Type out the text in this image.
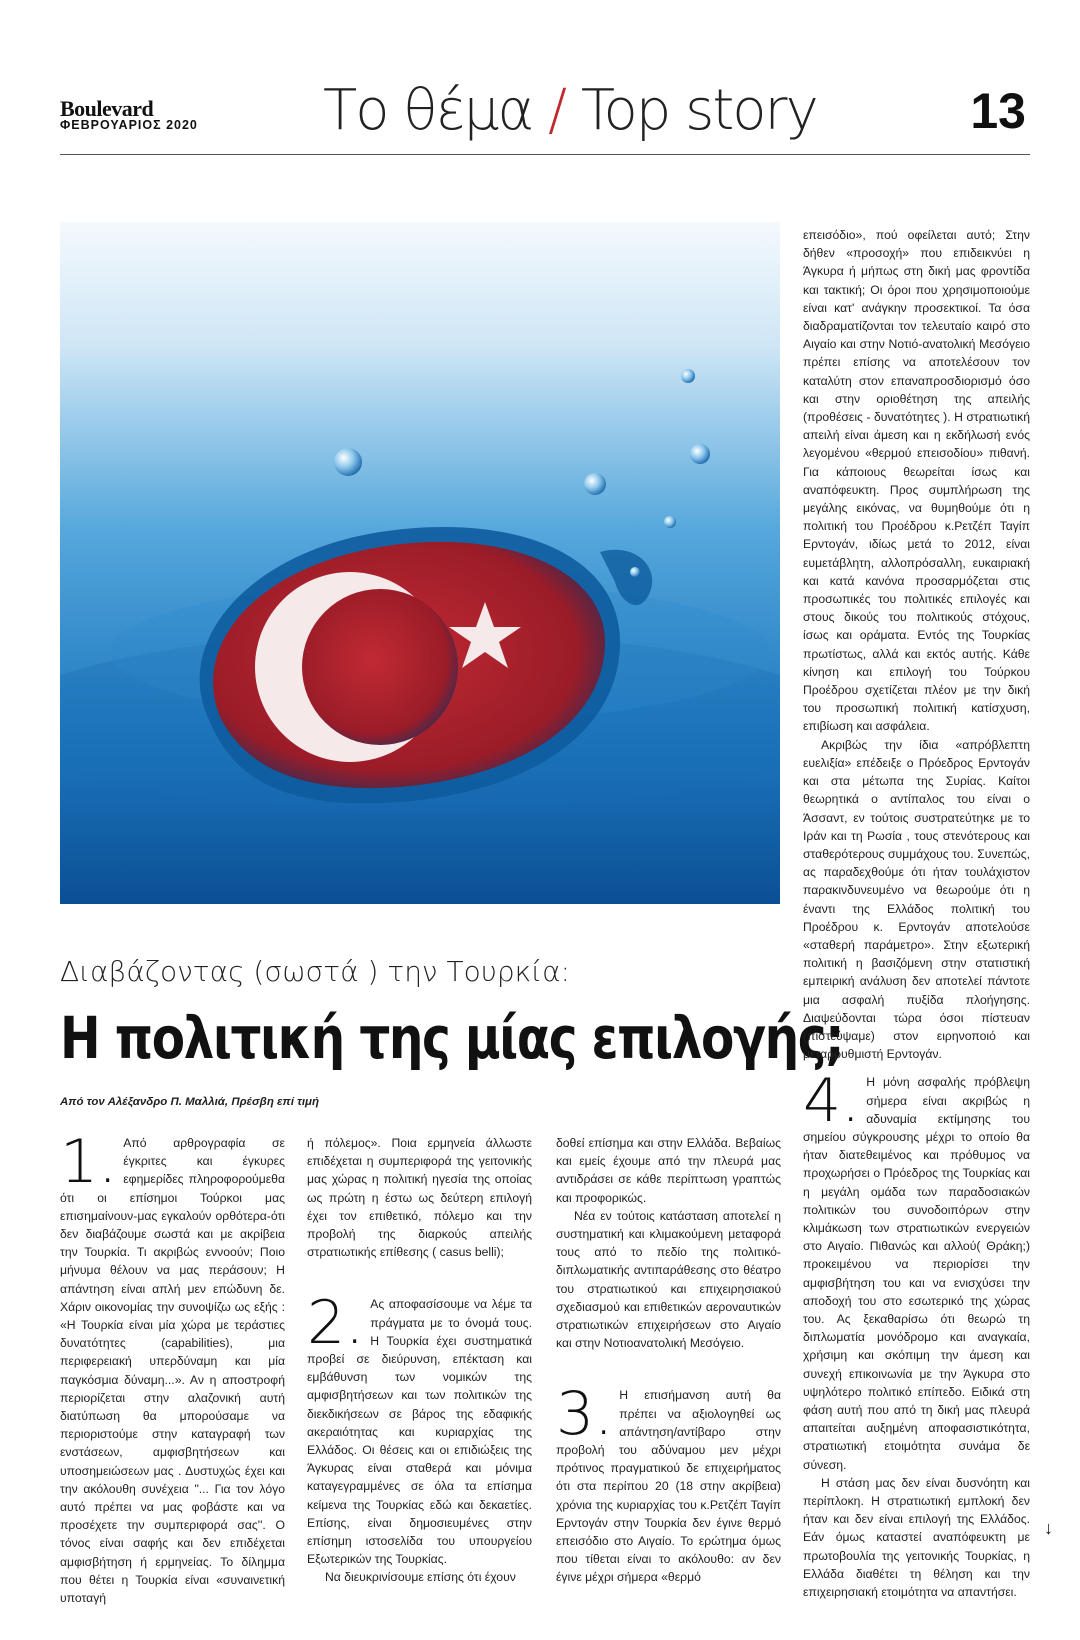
Boulevard
ΦΕΒΡΟΥΑΡΙΟΣ 2020 Το θέμα / Top story	13
Διαβάζοντας (σωστά ) την Τουρκία:
Η πολιτική της μίας επιλογής;
Από τον Αλέξανδρο Π. Μαλλιά, Πρέσβη επί τιμή
1. Από αρθρογραφία σε έγκριτες και έγκυρες εφημερίδες πληροφορούμεθα ότι οι επίσημοι Τούρκοι μας επισημαίνουν-μας εγκαλούν ορθότερα-ότι δεν διαβάζουμε σωστά και με ακρίβεια την Τουρκία. Τι ακριβώς εννοούν; Ποιο μήνυμα θέλουν να μας περάσουν; Η απάντηση είναι απλή μεν επώδυνη δε. Χάριν οικονομίας την συνοψίζω ως εξής : «Η Τουρκία είναι μία χώρα με τεράστιες δυνατότητες (capabilities), μια περιφερειακή υπερδύναμη και μία παγκόσμια δύναμη...». Αν η αποστροφή περιορίζεται στην αλαζονική αυτή διατύπωση θα μπορούσαμε να περιοριστούμε στην καταγραφή των ενστάσεων, αμφισβητήσεων και υποσημειώσεων μας . Δυστυχώς έχει και την ακόλουθη συνέχεια "... Για τον λόγο αυτό πρέπει να μας φοβάστε και να προσέχετε την συμπεριφορά σας''. Ο τόνος είναι σαφής και δεν επιδέχεται αμφισβήτηση ή ερμηνείας. Το δίλημμα που θέτει η Τουρκία είναι «συναινετική υποταγή

ή πόλεμος». Ποια ερμηνεία άλλωστε επιδέχεται η συμπεριφορά της γειτονικής μας χώρας η πολιτική ηγεσία της οποίας ως πρώτη η έστω ως δεύτερη επιλογή έχει τον επιθετικό, πόλεμο και την προβολή της διαρκούς απειλής στρατιωτικής επίθεσης ( casus belli);

2. Ας αποφασίσουμε να λέμε τα πράγματα με το όνομά τους. Η Τουρκία έχει συστηματικά προβεί σε διεύρυνση, επέκταση και εμβάθυνση των νομικών της αμφισβητήσεων και των πολιτικών της διεκδικήσεων σε βάρος της εδαφικής ακεραιότητας και κυριαρχίας της Ελλάδος. Οι θέσεις και οι επιδιώξεις της Άγκυρας είναι σταθερά και μόνιμα καταγεγραμμένες σε όλα τα επίσημα κείμενα της Τουρκίας εδώ και δεκαετίες. Επίσης, είναι δημοσιευμένες στην επίσημη ιστοσελίδα του υπουργείου Εξωτερικών της Τουρκίας.

Να διευκρινίσουμε επίσης ότι έχουν

δοθεί επίσημα και στην Ελλάδα. Βεβαίως και εμείς έχουμε από την πλευρά μας αντιδράσει σε κάθε περίπτωση γραπτώς και προφορικώς.

Νέα εν τούτοις κατάσταση αποτελεί η συστηματική και κλιμακούμενη μεταφορά τους από το πεδίο της πολιτικό-διπλωματικής αντιπαράθεσης στο θέατρο του στρατιωτικού και επιχειρησιακού σχεδιασμού και επιθετικών αεροναυτικών στρατιωτικών επιχειρήσεων στο Αιγαίο και στην Νοτιοανατολική Μεσόγειο.

3. Η επισήμανση αυτή θα πρέπει να αξιολογηθεί ως απάντηση/αντίβαρο στην προβολή του αδύναμου μεν μέχρι πρότινος πραγματικού δε επιχειρήματος ότι στα περίπου 20 (18 στην ακρίβεια) χρόνια της κυριαρχίας του κ.Ρετζέπ Ταγίπ Ερντογάν στην Τουρκία δεν έγινε θερμό επεισόδιο στο Αιγαίο. Το ερώτημα όμως που τίθεται είναι το ακόλουθο: αν δεν έγινε μέχρι σήμερα «θερμό

επεισόδιο», πού οφείλεται αυτό; Στην δήθεν «προσοχή» που επιδεικνύει η Άγκυρα ή μήπως στη δική μας φροντίδα και τακτική; Οι όροι που χρησιμοποιούμε είναι κατ' ανάγκην προσεκτικοί. Τα όσα διαδραματίζονται τον τελευταίο καιρό στο Αιγαίο και στην Νοτιό-ανατολική Μεσόγειο πρέπει επίσης να αποτελέσουν τον καταλύτη στον επαναπροσδιορισμό όσο και στην οριοθέτηση της απειλής (προθέσεις - δυνατότητες ). Η στρατιωτική απειλή είναι άμεση και η εκδήλωσή ενός λεγομένου «θερμού επεισοδίου» πιθανή. Για κάποιους θεωρείται ίσως και αναπόφευκτη. Προς συμπλήρωση της μεγάλης εικόνας, να θυμηθούμε ότι η πολιτική του Προέδρου κ.Ρετζέπ Ταγίπ Ερντογάν, ιδίως μετά το 2012, είναι ευμετάβλητη, αλλοπρόσαλλη, ευκαιριακή και κατά κανόνα προσαρμόζεται στις προσωπικές του πολιτικές επιλογές και στους δικούς του πολιτικούς στόχους, ίσως και οράματα. Εντός της Τουρκίας πρωτίστως, αλλά και εκτός αυτής. Κάθε κίνηση και επιλογή του Τούρκου Προέδρου σχετίζεται πλέον με την δική του προσωπική πολιτική κατίσχυση, επιβίωση και ασφάλεια.

Ακριβώς την ίδια «απρόβλεπτη ευελιξία» επέδειξε ο Πρόεδρος Ερντογάν και στα μέτωπα της Συρίας. Καίτοι θεωρητικά ο αντίπαλος του είναι ο Άσσαντ, εν τούτοις συστρατεύτηκε με το Ιράν και τη Ρωσία , τους στενότερους και σταθερότερους συμμάχους του. Συνεπώς, ας παραδεχθούμε ότι ήταν τουλάχιστον παρακινδυνευμένο να θεωρούμε ότι η έναντι της Ελλάδος πολιτική του Προέδρου κ. Ερντογάν αποτελούσε «σταθερή παράμετρο». Στην εξωτερική πολιτική η βασιζόμενη στην στατιστική εμπειρική ανάλυση δεν αποτελεί πάντοτε μια ασφαλή πυξίδα πλοήγησης. Διαψεύδονται τώρα όσοι πίστευαν (πιστεύψαμε) στον ειρηνοποιό και μεταρρυθμιστή Ερντογάν.

4. Η μόνη ασφαλής πρόβλεψη σήμερα είναι ακριβώς η αδυναμία εκτίμησης του σημείου σύγκρουσης μέχρι το οποίο θα ήταν διατεθειμένος και πρόθυμος να προχωρήσει ο Πρόεδρος της Τουρκίας και η μεγάλη ομάδα των παραδοσιακών πολιτικών του συνοδοιπόρων στην κλιμάκωση των στρατιωτικών ενεργειών στο Αιγαίο. Πιθανώς και αλλού( Θράκη;) προκειμένου να περιορίσει την αμφισβήτηση του και να ενισχύσει την αποδοχή του στο εσωτερικό της χώρας του. Ας ξεκαθαρίσω ότι θεωρώ τη διπλωματία μονόδρομο και αναγκαία, χρήσιμη και σκόπιμη την άμεση και συνεχή επικοινωνία με την Άγκυρα στο υψηλότερο πολιτικό επίπεδο. Ειδικά στη φάση αυτή που από τη δική μας πλευρά απαιτείται αυξημένη αποφασιστικότητα, στρατιωτική ετοιμότητα συνάμα δε σύνεση.

Η στάση μας δεν είναι δυσνόητη και περίπλοκη. Η στρατιωτική εμπλοκή δεν ήταν και δεν είναι επιλογή της Ελλάδος. Εάν όμως καταστεί αναπόφευκτη με πρωτοβουλία της γειτονικής Τουρκίας, η Ελλάδα διαθέτει τη θέληση και την επιχειρησιακή ετοιμότητα να απαντήσει.

↓
